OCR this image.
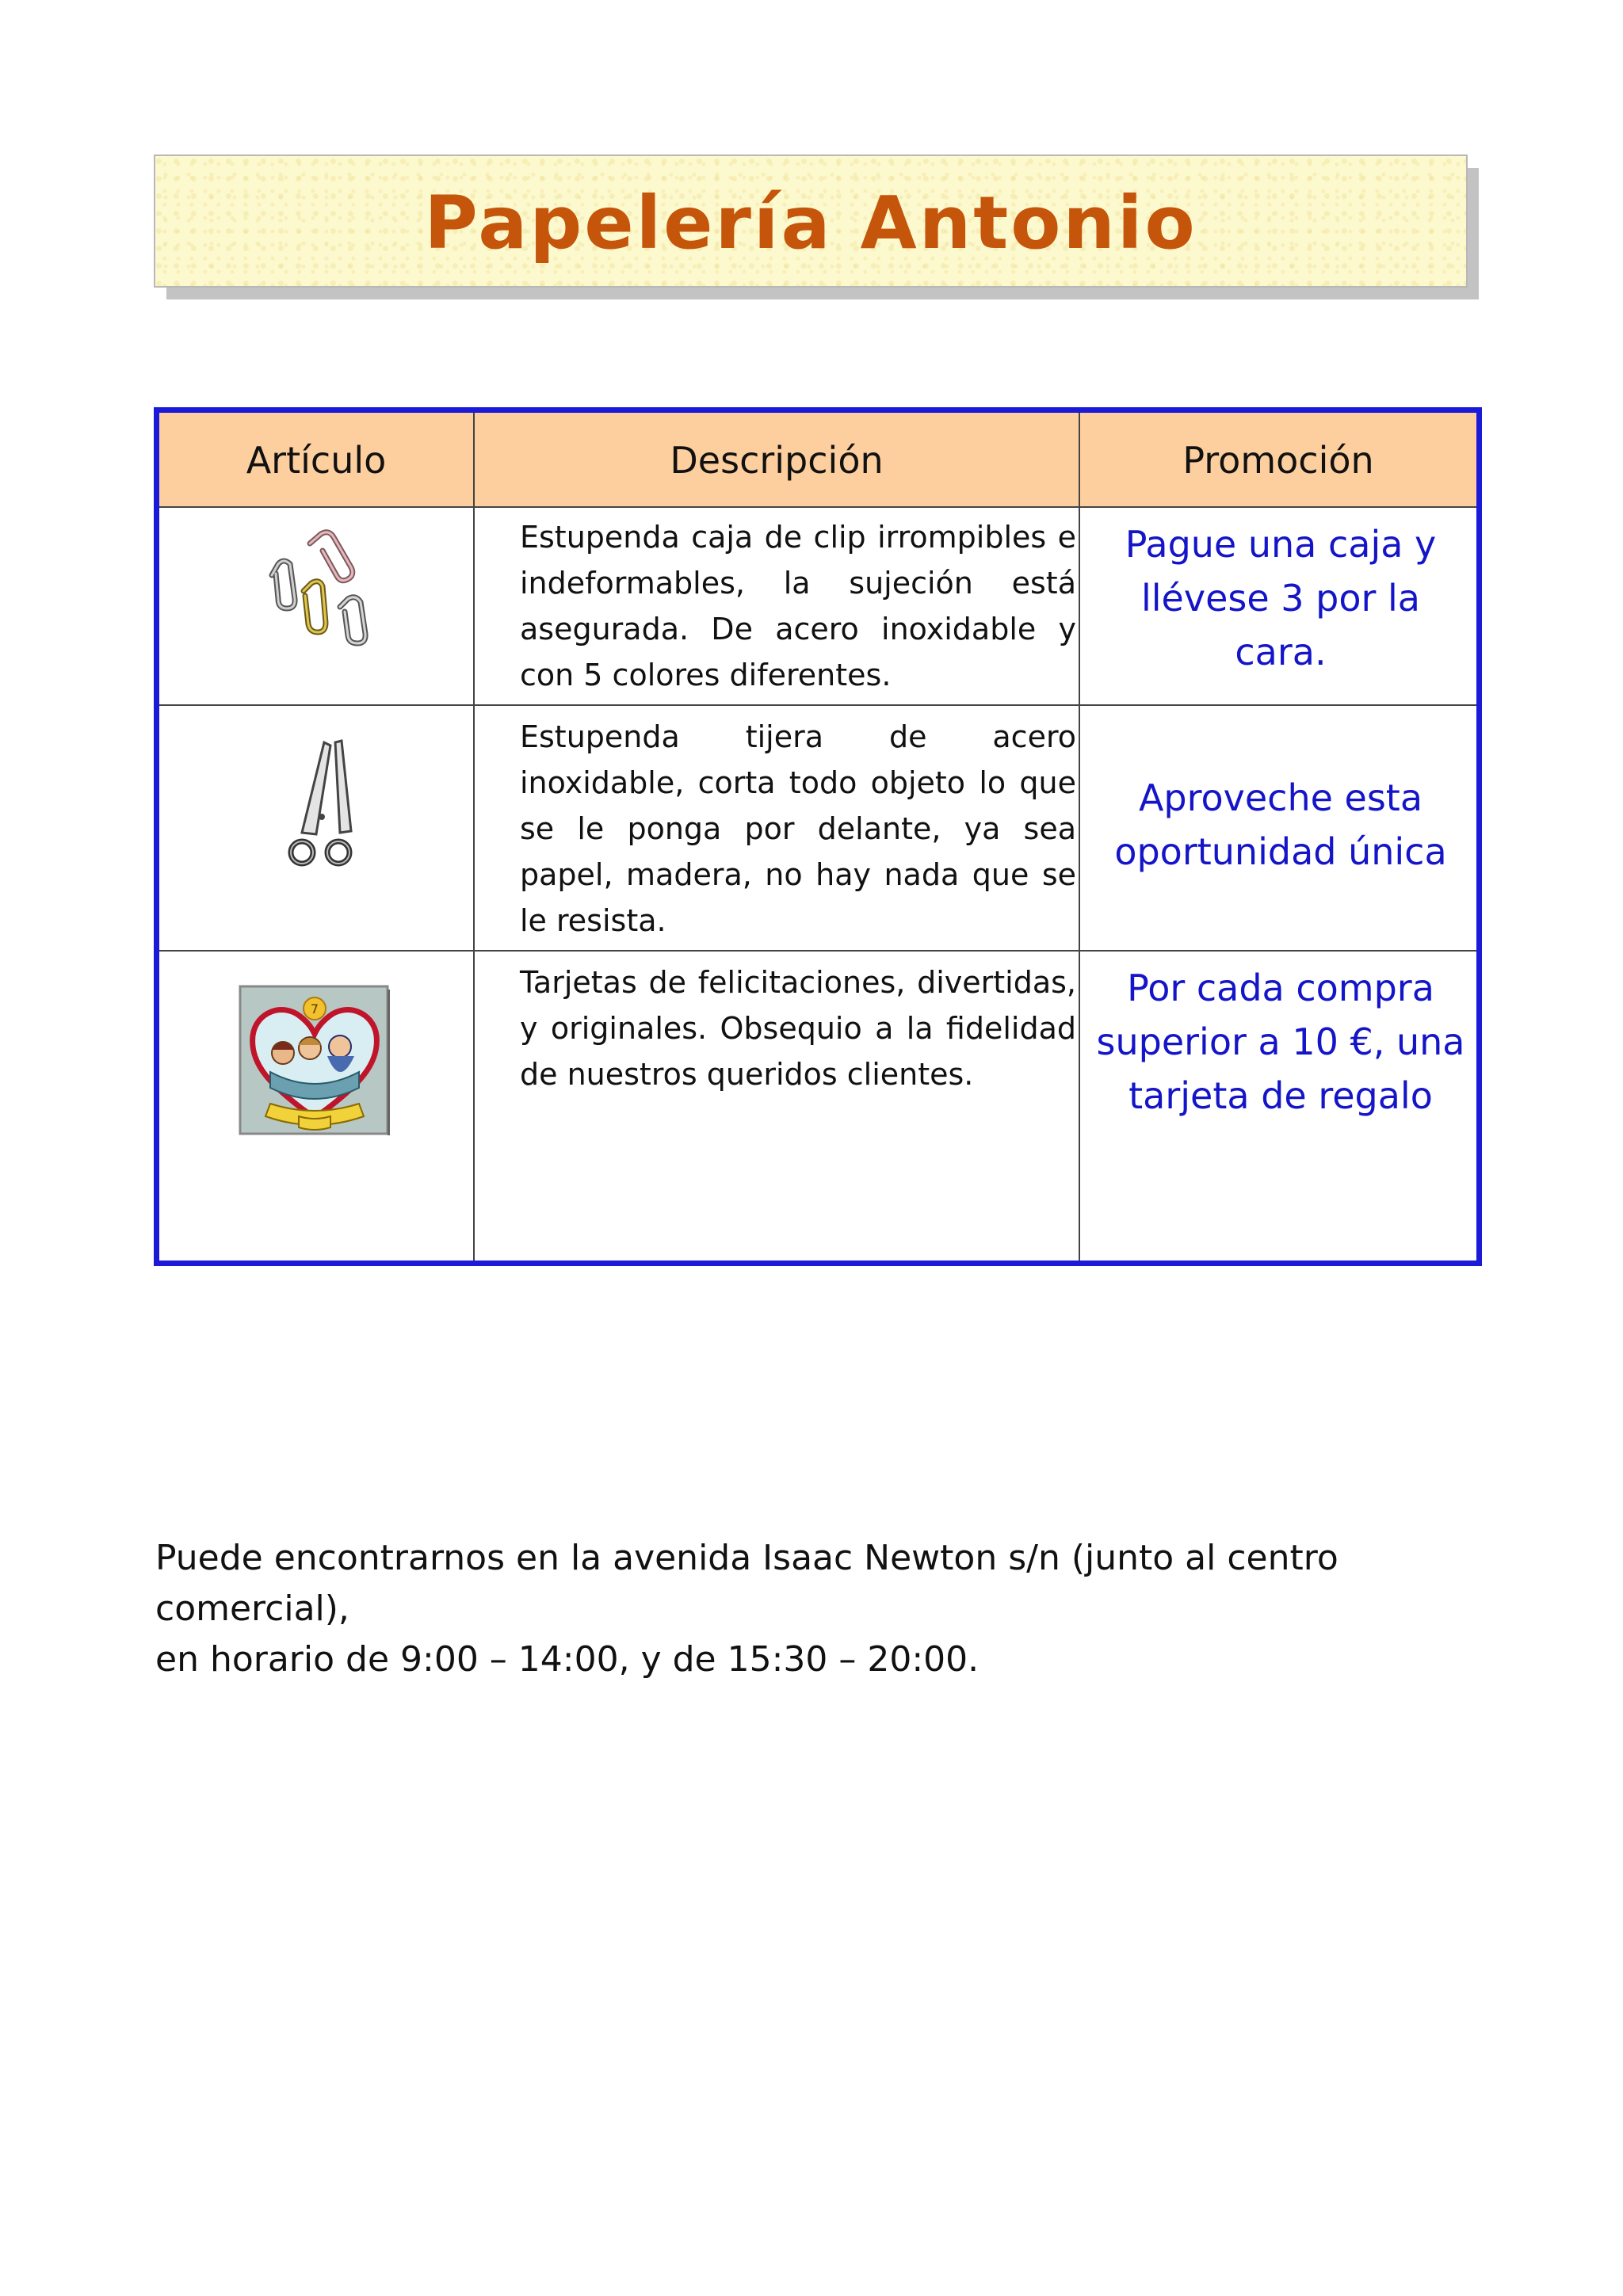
Papelería Antonio
Artículo	Descripción	Promoción
Estupenda caja de clip irrompibles e indeformables, la sujeción está asegurada. De acero inoxidable y con 5 colores diferentes.
Pague una caja y llévese 3 por la cara.
Estupenda tijera de acero inoxidable, corta todo objeto lo que se le ponga por delante, ya sea papel, madera, no hay nada que se le resista.
Aproveche esta oportunidad única
7
Tarjetas de felicitaciones, divertidas, y originales. Obsequio a la fidelidad de nuestros queridos clientes.
Por cada compra superior a 10 €, una tarjeta de regalo
Puede encontrarnos en la avenida Isaac Newton s/n (junto al centro comercial),
en horario de 9:00 – 14:00, y de 15:30 – 20:00.
